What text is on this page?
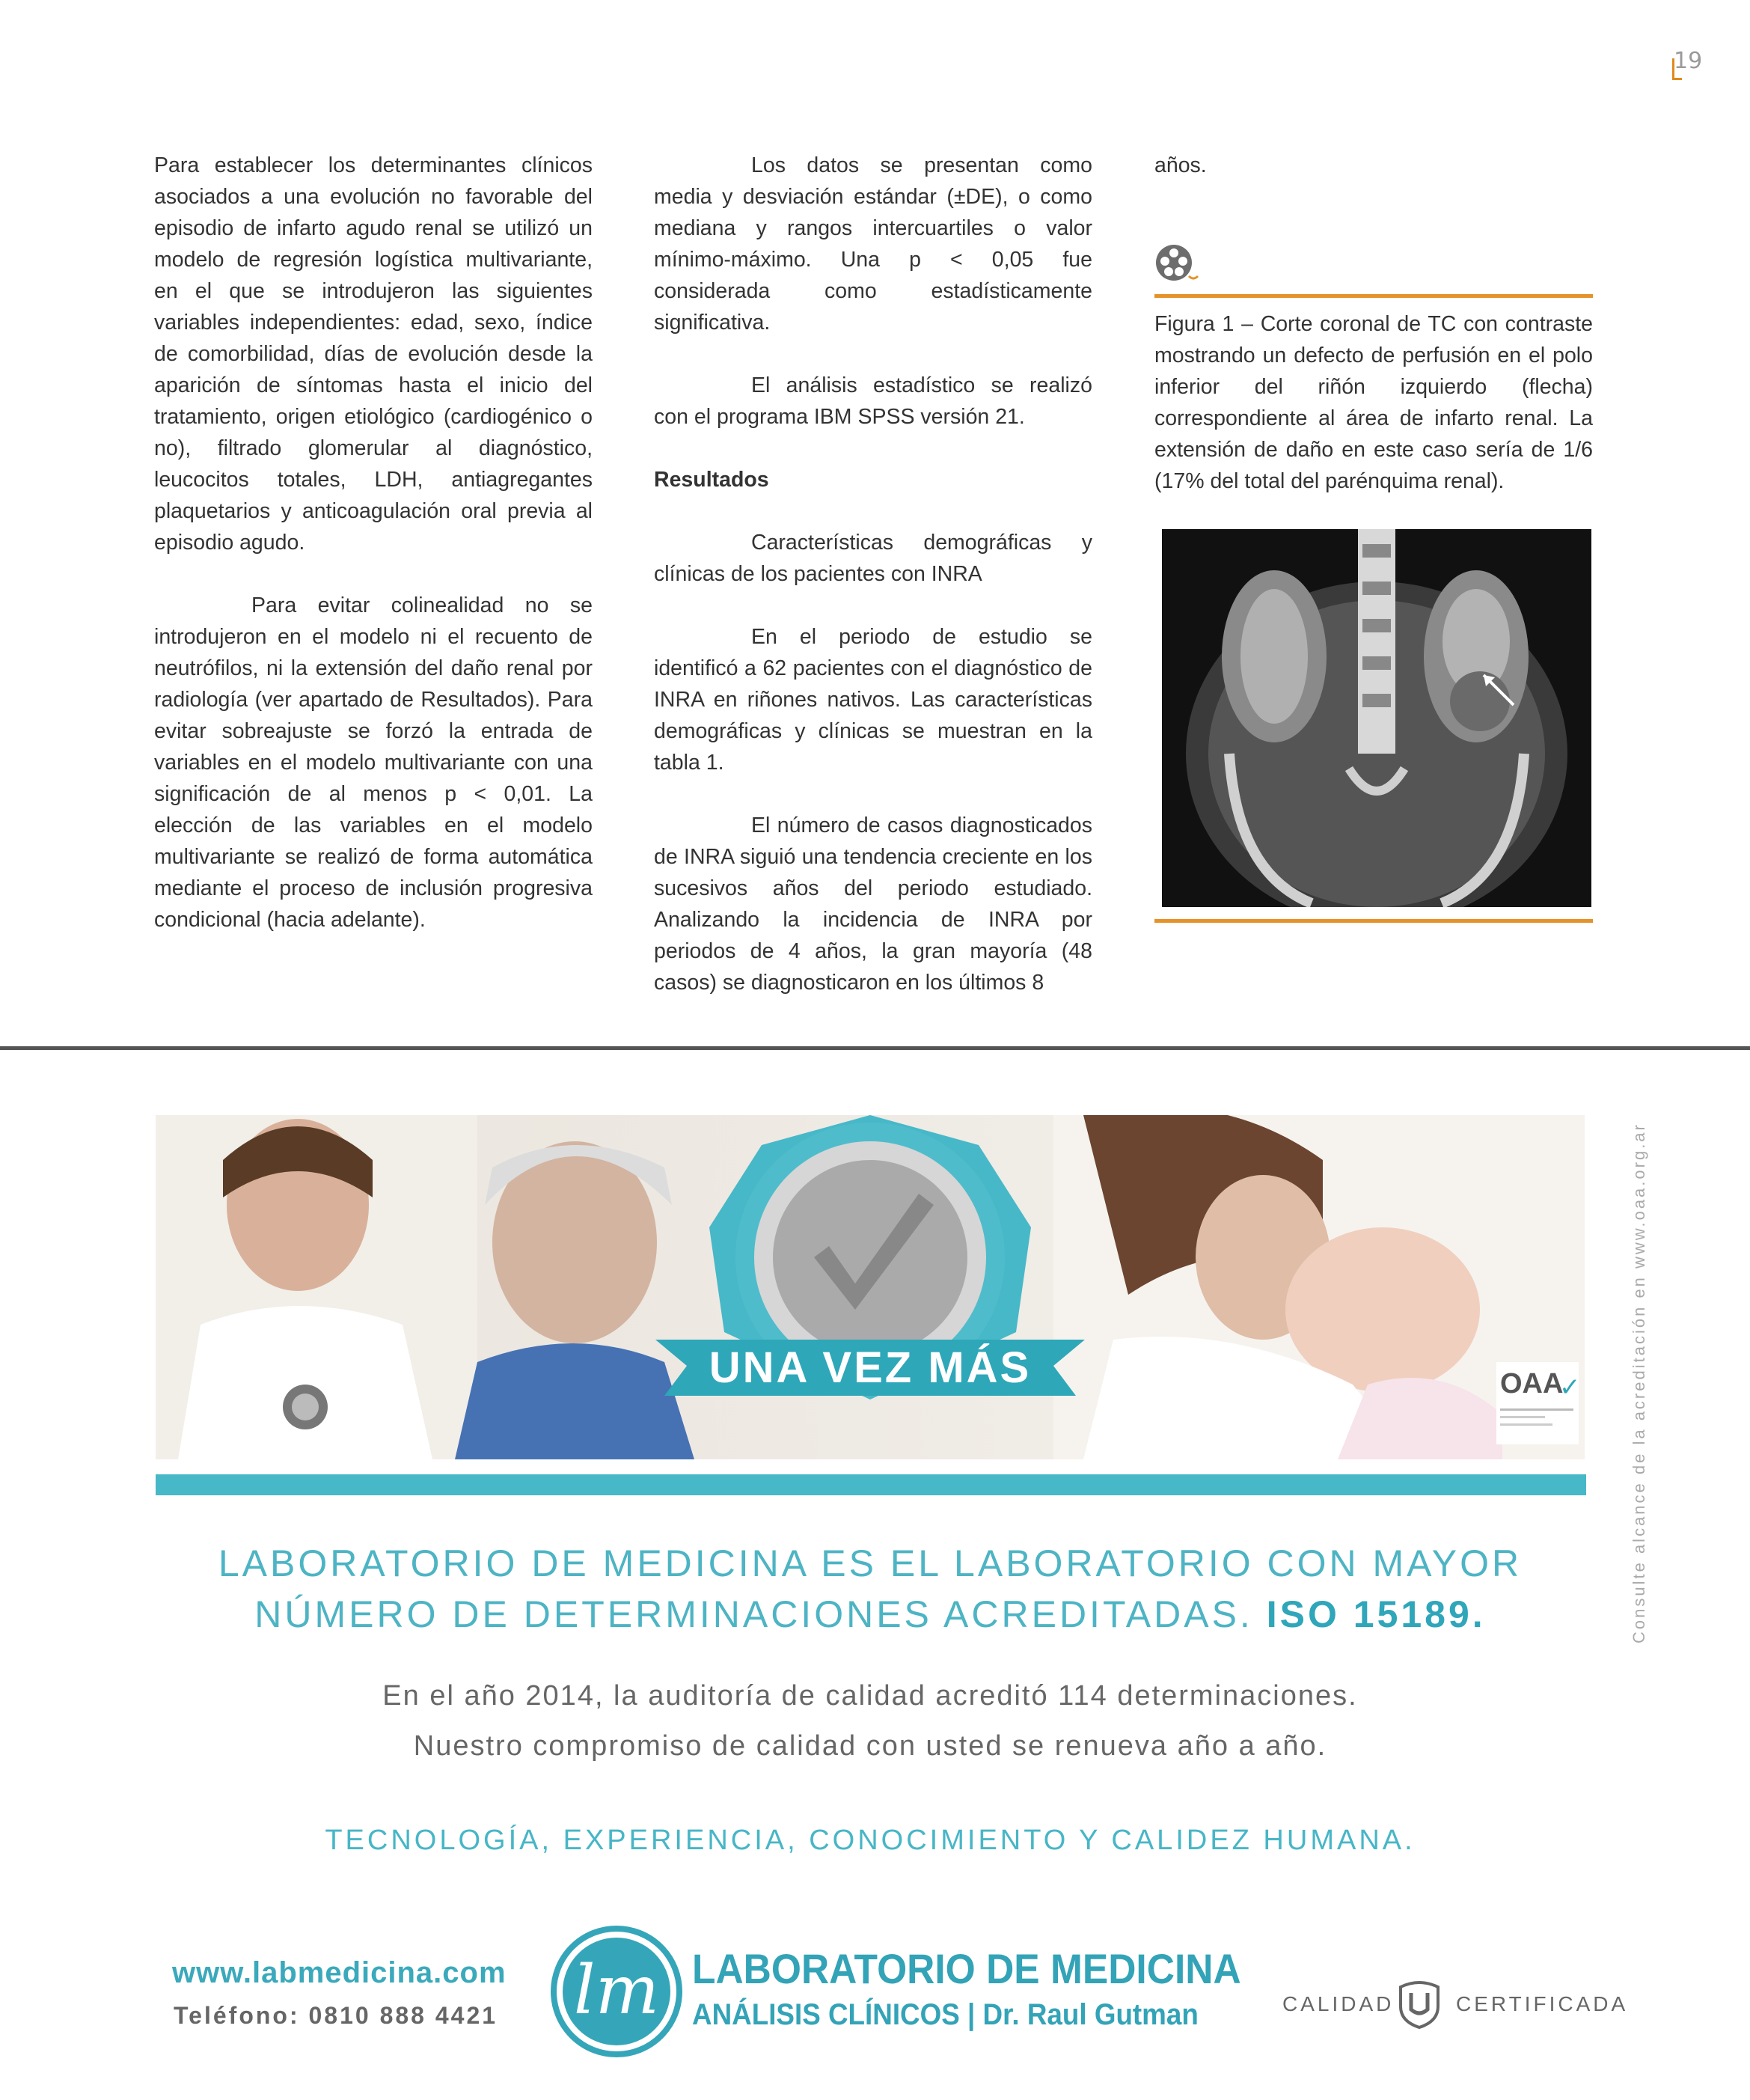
19

Para establecer los determinantes clínicos asociados a una evolución no favorable del episodio de infarto agudo renal se utilizó un modelo de regresión logística multivariante, en el que se introdujeron las siguientes variables independientes: edad, sexo, índice de comorbilidad, días de evolución desde la aparición de síntomas hasta el inicio del tratamiento, origen etiológico (cardiogénico o no), filtrado glomerular al diagnóstico, leucocitos totales, LDH, antiagregantes plaquetarios y anticoagulación oral previa al episodio agudo.

Para evitar colinealidad no se introdujeron en el modelo ni el recuento de neutrófilos, ni la extensión del daño renal por radiología (ver apartado de Resultados). Para evitar sobreajuste se forzó la entrada de variables en el modelo multivariante con una significación de al menos p < 0,01. La elección de las variables en el modelo multivariante se realizó de forma automática mediante el proceso de inclusión progresiva condicional (hacia adelante).

Los datos se presentan como media y desviación estándar (±DE), o como mediana y rangos intercuartiles o valor mínimo-máximo. Una p < 0,05 fue considerada como estadísticamente significativa.

El análisis estadístico se realizó con el programa IBM SPSS versión 21.

Resultados

Características demográficas y clínicas de los pacientes con INRA

En el periodo de estudio se identificó a 62 pacientes con el diagnóstico de INRA en riñones nativos. Las características demográficas y clínicas se muestran en la tabla 1.

El número de casos diagnosticados de INRA siguió una tendencia creciente en los sucesivos años del periodo estudiado. Analizando la incidencia de INRA por periodos de 4 años, la gran mayoría (48 casos) se diagnosticaron en los últimos 8

años.

Figura 1 – Corte coronal de TC con contraste mostrando un defecto de perfusión en el polo inferior del riñón izquierdo (flecha) correspondiente al área de infarto renal. La extensión de daño en este caso sería de 1/6 (17% del total del parénquima renal).
UNA VEZ MÁS	OAA
✓
LABORATORIO DE MEDICINA ES EL LABORATORIO CON MAYOR
NÚMERO DE DETERMINACIONES ACREDITADAS. ISO 15189.
En el año 2014, la auditoría de calidad acreditó 114 determinaciones.
Nuestro compromiso de calidad con usted se renueva año a año.
TECNOLOGÍA, EXPERIENCIA, CONOCIMIENTO Y CALIDEZ HUMANA.
www.labmedicina.com
Teléfono: 0810 888 4421 lm LABORATORIO DE MEDICINA
ANÁLISIS CLÍNICOS | Dr. Raul Gutman	CALIDAD	CERTIFICADA
Consulte alcance de la acreditación en www.oaa.org.ar
